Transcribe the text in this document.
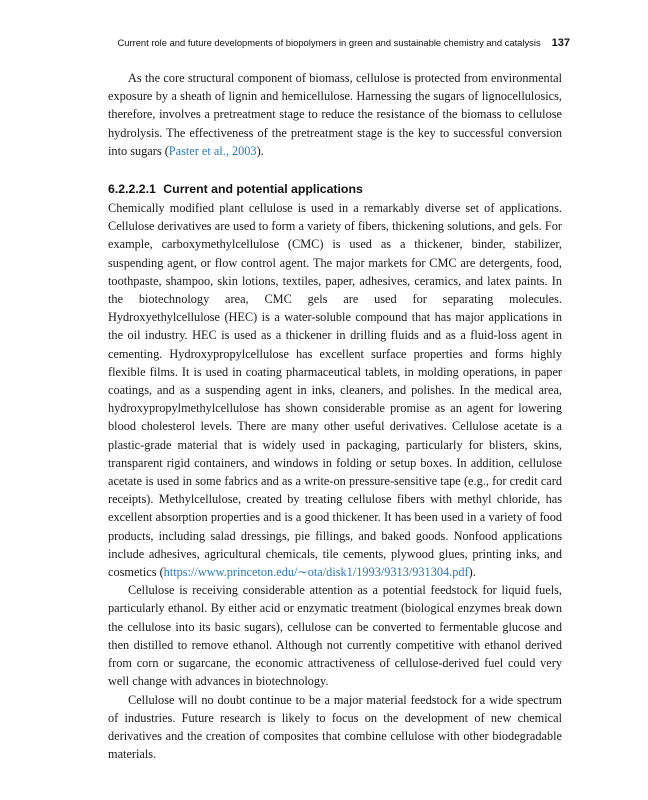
Current role and future developments of biopolymers in green and sustainable chemistry and catalysis 137

As the core structural component of biomass, cellulose is protected from environmental exposure by a sheath of lignin and hemicellulose. Harnessing the sugars of lignocellulosics, therefore, involves a pretreatment stage to reduce the resistance of the biomass to cellulose hydrolysis. The effectiveness of the pretreatment stage is the key to successful conversion into sugars (Paster et al., 2003).

6.2.2.2.1 Current and potential applications

Chemically modified plant cellulose is used in a remarkably diverse set of applications. Cellulose derivatives are used to form a variety of fibers, thickening solutions, and gels. For example, carboxymethylcellulose (CMC) is used as a thickener, binder, stabilizer, suspending agent, or flow control agent. The major markets for CMC are detergents, food, toothpaste, shampoo, skin lotions, textiles, paper, adhesives, ceramics, and latex paints. In the biotechnology area, CMC gels are used for separating molecules. Hydroxyethylcellulose (HEC) is a water-soluble compound that has major applications in the oil industry. HEC is used as a thickener in drilling fluids and as a fluid-loss agent in cementing. Hydroxypropylcellulose has excellent surface properties and forms highly flexible films. It is used in coating pharmaceutical tablets, in molding operations, in paper coatings, and as a suspending agent in inks, cleaners, and polishes. In the medical area, hydroxypropylmethylcellulose has shown considerable promise as an agent for lowering blood cholesterol levels. There are many other useful derivatives. Cellulose acetate is a plastic-grade material that is widely used in packaging, particularly for blisters, skins, transparent rigid containers, and windows in folding or setup boxes. In addition, cellulose acetate is used in some fabrics and as a write-on pressure-sensitive tape (e.g., for credit card receipts). Methylcellulose, created by treating cellulose fibers with methyl chloride, has excellent absorption properties and is a good thickener. It has been used in a variety of food products, including salad dressings, pie fillings, and baked goods. Nonfood applications include adhesives, agricultural chemicals, tile cements, plywood glues, printing inks, and cosmetics (https://www.princeton.edu/∼ota/disk1/1993/9313/931304.pdf).

Cellulose is receiving considerable attention as a potential feedstock for liquid fuels, particularly ethanol. By either acid or enzymatic treatment (biological enzymes break down the cellulose into its basic sugars), cellulose can be converted to fermentable glucose and then distilled to remove ethanol. Although not currently competitive with ethanol derived from corn or sugarcane, the economic attractiveness of cellulose-derived fuel could very well change with advances in biotechnology.

Cellulose will no doubt continue to be a major material feedstock for a wide spectrum of industries. Future research is likely to focus on the development of new chemical derivatives and the creation of composites that combine cellulose with other biodegradable materials.
